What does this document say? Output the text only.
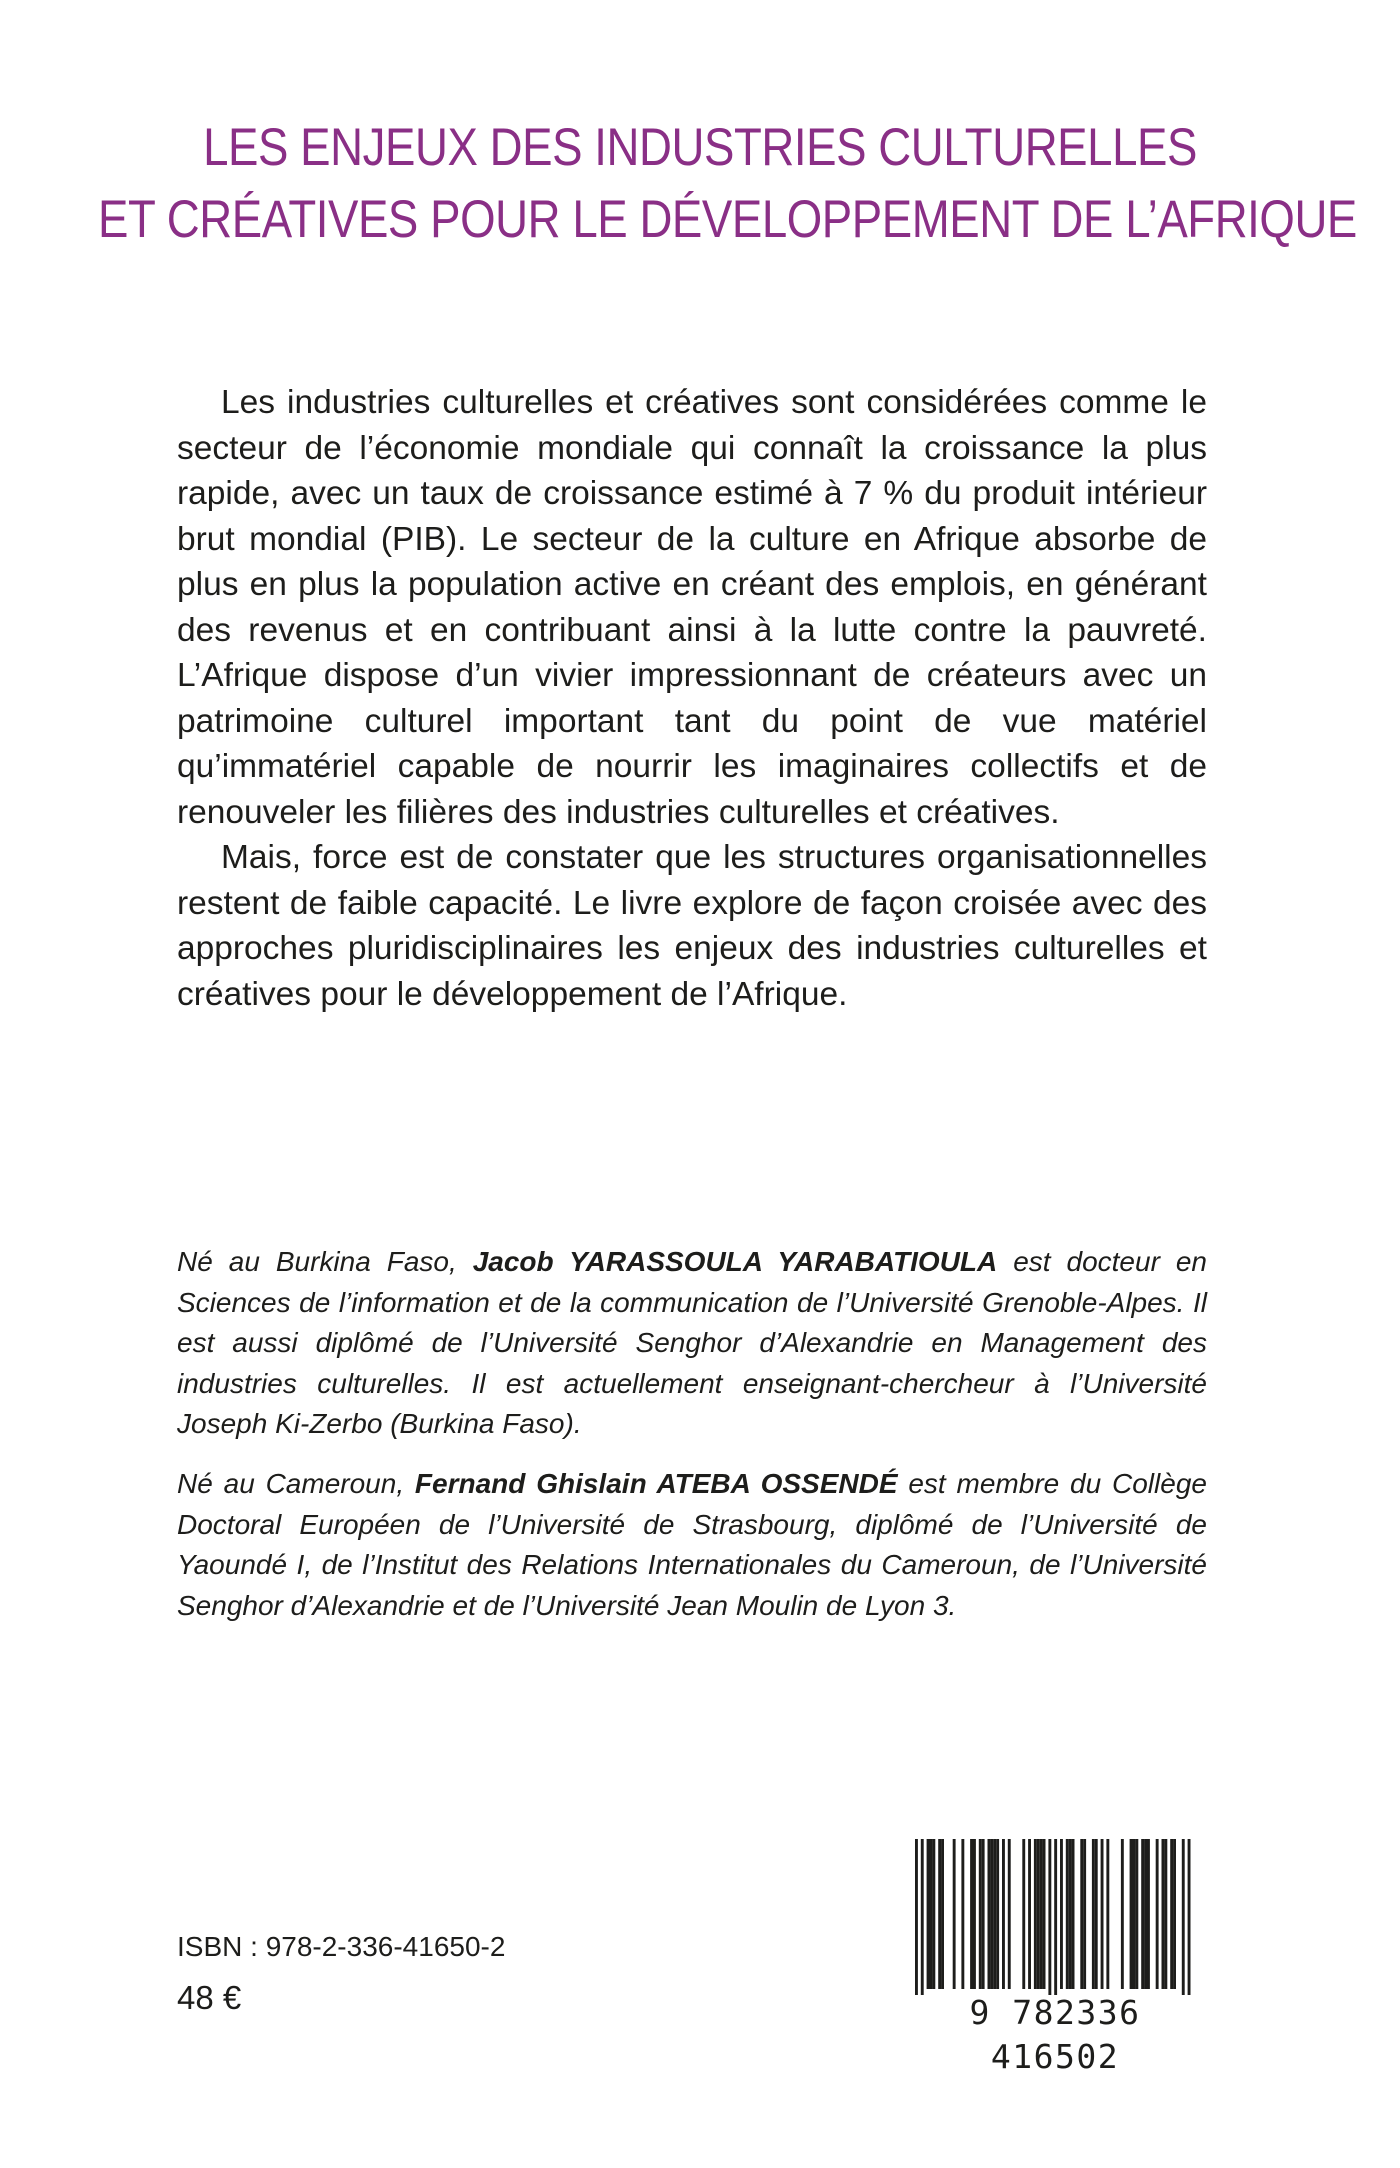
LES ENJEUX DES INDUSTRIES CULTURELLES
ET CRÉATIVES POUR LE DÉVELOPPEMENT DE L’AFRIQUE

Les industries culturelles et créatives sont considérées comme le secteur de l’économie mondiale qui connaît la croissance la plus rapide, avec un taux de croissance estimé à 7 % du produit intérieur brut mondial (PIB). Le secteur de la culture en Afrique absorbe de plus en plus la population active en créant des emplois, en générant des revenus et en contribuant ainsi à la lutte contre la pauvreté. L’Afrique dispose d’un vivier impressionnant de créateurs avec un patrimoine culturel important tant du point de vue matériel qu’immatériel capable de nourrir les imaginaires collectifs et de renouveler les filières des industries culturelles et créatives.

Mais, force est de constater que les structures organisationnelles restent de faible capacité. Le livre explore de façon croisée avec des approches pluridisciplinaires les enjeux des industries culturelles et créatives pour le développement de l’Afrique.

Né au Burkina Faso, Jacob YARASSOULA YARABATIOULA est docteur en Sciences de l’information et de la communication de l’Université Grenoble-Alpes. Il est aussi diplômé de l’Université Senghor d’Alexandrie en Management des industries culturelles. Il est actuellement enseignant-chercheur à l’Université Joseph Ki-Zerbo (Burkina Faso).

Né au Cameroun, Fernand Ghislain ATEBA OSSENDÉ est membre du Collège Doctoral Européen de l’Université de Strasbourg, diplômé de l’Université de Yaoundé I, de l’Institut des Relations Internationales du Cameroun, de l’Université Senghor d’Alexandrie et de l’Université Jean Moulin de Lyon 3.

ISBN : 978-2-336-41650-2
48 €	9 782336 416502
